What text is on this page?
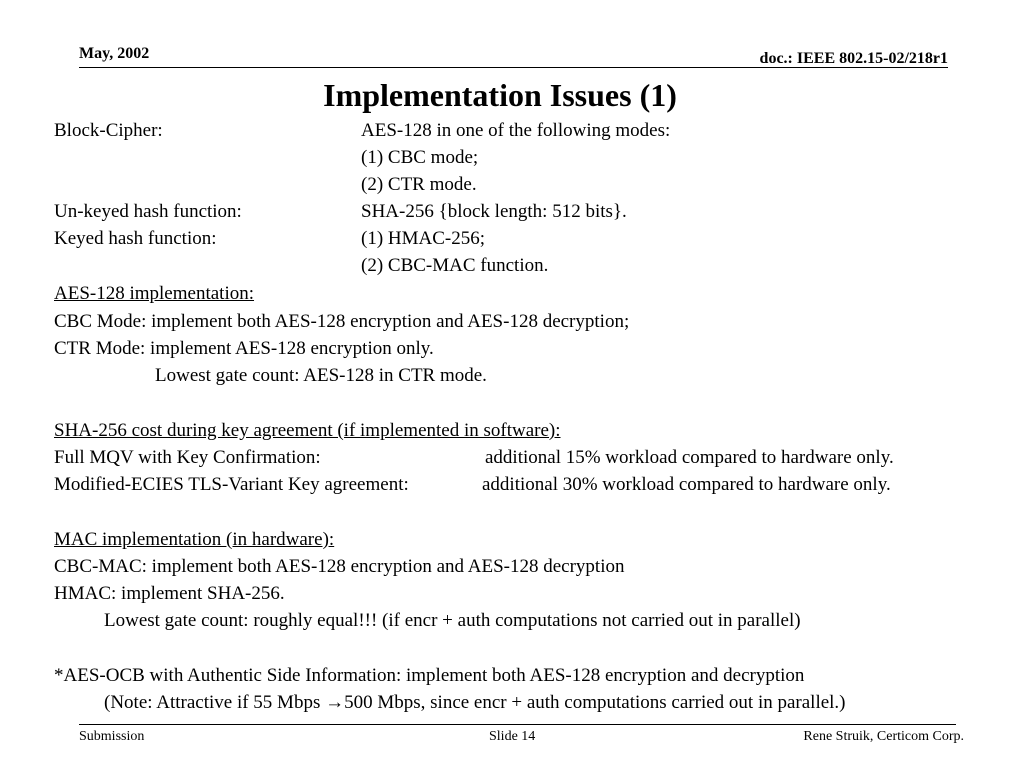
May, 2002	doc.: IEEE 802.15-02/218r1
Implementation Issues (1)
Block-Cipher:	AES-128 in one of the following modes:
(1) CBC mode;
(2) CTR mode.
Un-keyed hash function:	SHA-256 {block length: 512 bits}.
Keyed hash function:	(1) HMAC-256;
(2) CBC-MAC function.
AES-128 implementation:
CBC Mode: implement both AES-128 encryption and AES-128 decryption;
CTR Mode: implement AES-128 encryption only.
Lowest gate count: AES-128 in CTR mode.
SHA-256 cost during key agreement (if implemented in software):
Full MQV with Key Confirmation:	additional 15% workload compared to hardware only.
Modified-ECIES TLS-Variant Key agreement:	additional 30% workload compared to hardware only.
MAC implementation (in hardware):
CBC-MAC: implement both AES-128 encryption and AES-128 decryption
HMAC: implement SHA-256.
Lowest gate count: roughly equal!!! (if encr + auth computations not carried out in parallel)
*AES-OCB with Authentic Side Information: implement both AES-128 encryption and decryption
(Note: Attractive if 55 Mbps →500 Mbps, since encr + auth computations carried out in parallel.)
Submission	Slide 14	Rene Struik, Certicom Corp.
